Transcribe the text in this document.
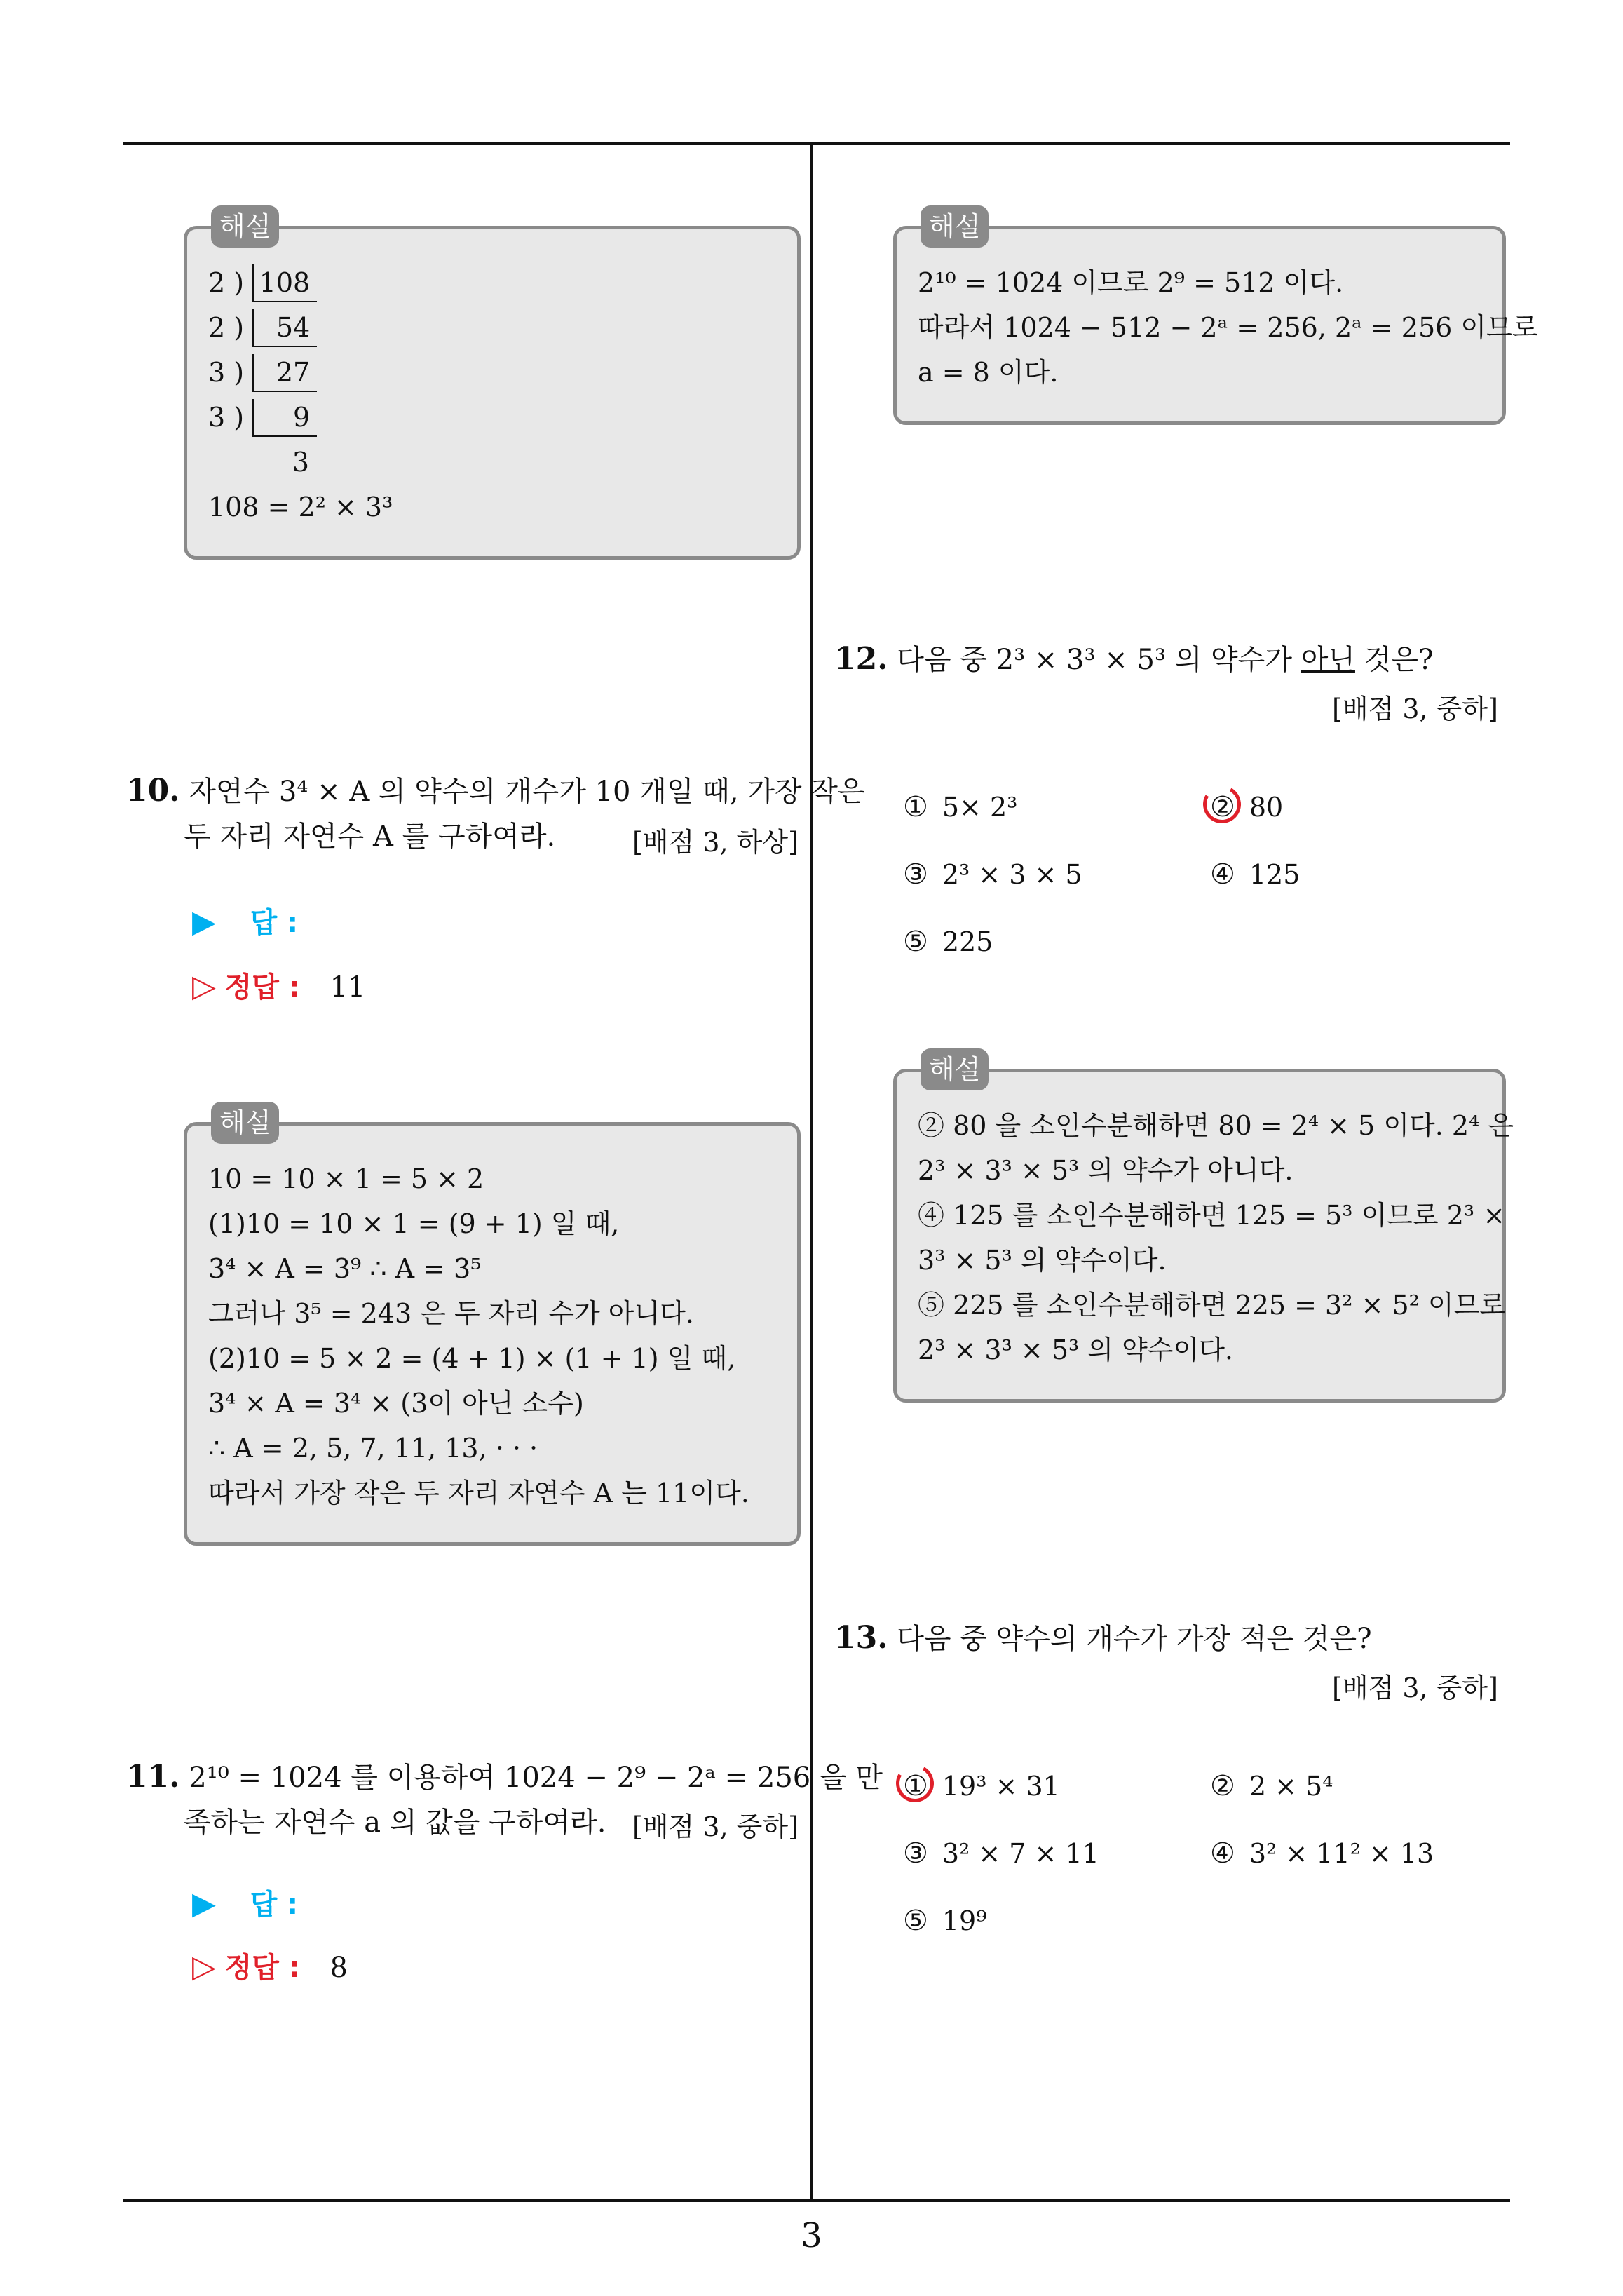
해설
2 ) 108
2 ) 54
3 ) 27
3 ) 9
3
108 = 2² × 3³
10. 자연수 3⁴ × A 의 약수의 개수가 10 개일 때, 가장 작은
두 자리 자연수 A 를 구하여라.	[배점 3, 하상]
▶ 답 :
▷ 정답 : 11
해설
10 = 10 × 1 = 5 × 2
(1)10 = 10 × 1 = (9 + 1) 일 때,
3⁴ × A = 3⁹ ∴ A = 3⁵
그러나 3⁵ = 243 은 두 자리 수가 아니다.
(2)10 = 5 × 2 = (4 + 1) × (1 + 1) 일 때,
3⁴ × A = 3⁴ × (3이 아닌 소수)
∴ A = 2, 5, 7, 11, 13, · · ·
따라서 가장 작은 두 자리 자연수 A 는 11이다.
11. 2¹⁰ = 1024 를 이용하여 1024 − 2⁹ − 2ᵃ = 256 을 만
족하는 자연수 a 의 값을 구하여라. [배점 3, 중하]
▶ 답 :
▷ 정답 : 8
해설
2¹⁰ = 1024 이므로 2⁹ = 512 이다.
따라서 1024 − 512 − 2ᵃ = 256, 2ᵃ = 256 이므로
a = 8 이다.
12. 다음 중 2³ × 3³ × 5³ 의 약수가 아닌 것은?
[배점 3, 중하]
① 5× 2³	② 80
③ 2³ × 3 × 5	④ 125
⑤ 225
해설
② 80 을 소인수분해하면 80 = 2⁴ × 5 이다. 2⁴ 은
2³ × 3³ × 5³ 의 약수가 아니다.
④ 125 를 소인수분해하면 125 = 5³ 이므로 2³ ×
3³ × 5³ 의 약수이다.
⑤ 225 를 소인수분해하면 225 = 3² × 5² 이므로
2³ × 3³ × 5³ 의 약수이다.
13. 다음 중 약수의 개수가 가장 적은 것은?
[배점 3, 중하]
① 19³ × 31	② 2 × 5⁴
③ 3² × 7 × 11	④ 3² × 11² × 13
⑤ 19⁹
3
